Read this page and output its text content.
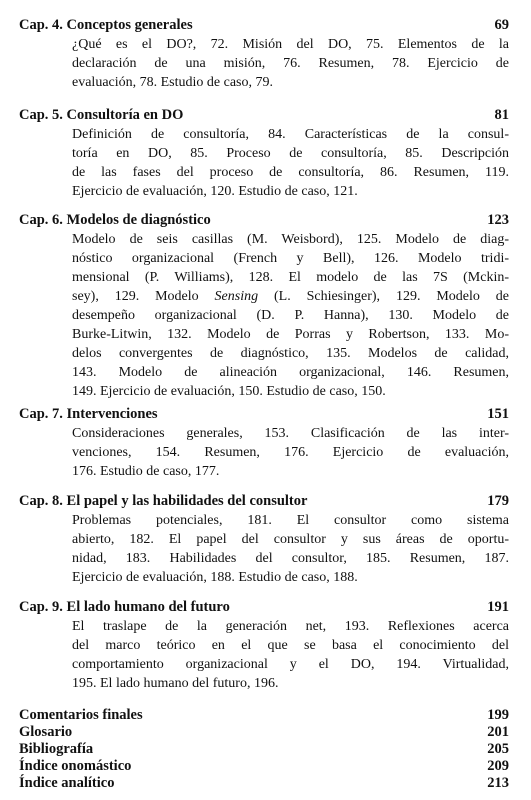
Cap. 4. Conceptos generales	69
¿Qué es el DO?, 72. Misión del DO, 75. Elementos de la
declaración de una misión, 76. Resumen, 78. Ejercicio de
evaluación, 78. Estudio de caso, 79.
Cap. 5. Consultoría en DO	81
Definición de consultoría, 84. Características de la consul-
toría en DO, 85. Proceso de consultoría, 85. Descripción
de las fases del proceso de consultoría, 86. Resumen, 119.
Ejercicio de evaluación, 120. Estudio de caso, 121.
Cap. 6. Modelos de diagnóstico	123
Modelo de seis casillas (M. Weisbord), 125. Modelo de diag-
nóstico organizacional (French y Bell), 126. Modelo tridi-
mensional (P. Williams), 128. El modelo de las 7S (Mckin-
sey), 129. Modelo Sensing (L. Schiesinger), 129. Modelo de
desempeño organizacional (D. P. Hanna), 130. Modelo de
Burke-Litwin, 132. Modelo de Porras y Robertson, 133. Mo-
delos convergentes de diagnóstico, 135. Modelos de calidad,
143. Modelo de alineación organizacional, 146. Resumen,
149. Ejercicio de evaluación, 150. Estudio de caso, 150.
Cap. 7. Intervenciones	151
Consideraciones generales, 153. Clasificación de las inter-
venciones, 154. Resumen, 176. Ejercicio de evaluación,
176. Estudio de caso, 177.
Cap. 8. El papel y las habilidades del consultor	179
Problemas potenciales, 181. El consultor como sistema
abierto, 182. El papel del consultor y sus áreas de oportu-
nidad, 183. Habilidades del consultor, 185. Resumen, 187.
Ejercicio de evaluación, 188. Estudio de caso, 188.
Cap. 9. El lado humano del futuro	191
El traslape de la generación net, 193. Reflexiones acerca
del marco teórico en el que se basa el conocimiento del
comportamiento organizacional y el DO, 194. Virtualidad,
195. El lado humano del futuro, 196.
Comentarios finales	199
Glosario	201
Bibliografía	205
Índice onomástico	209
Índice analítico	213
